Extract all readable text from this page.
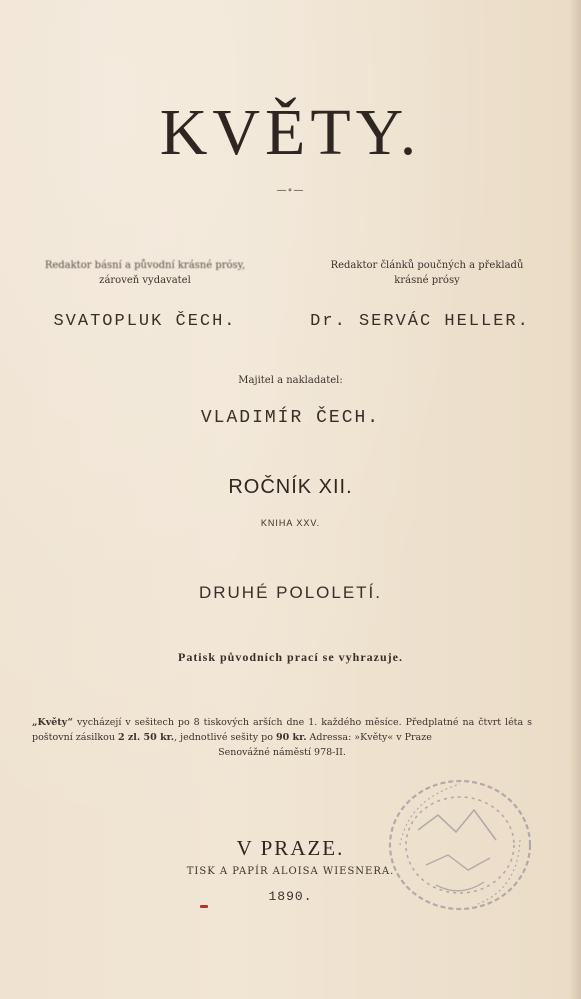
KVĚTY.
—∘—
Redaktor básní a původní krásné prósy,
zároveň vydavatel
SVATOPLUK ČECH.
Redaktor článků poučných a překladů
krásné prósy
Dr. SERVÁC HELLER.
Majitel a nakladatel:
VLADIMÍR ČECH.
ROČNÍK XII.
KNIHA XXV.
DRUHÉ POLOLETÍ.
Patisk původních prací se vyhrazuje.
„Květy“ vycházejí v sešitech po 8 tiskových arších dne 1. každého měsíce. Předplatné na čtvrt léta s poštovní zásilkou 2 zl. 50 kr., jednotlivé sešity po 90 kr. Adressa: »Květy« v Praze
Senovážné náměstí 978-II.
V PRAZE.
TISK A PAPÍR ALOISA WIESNERA.
1890.
